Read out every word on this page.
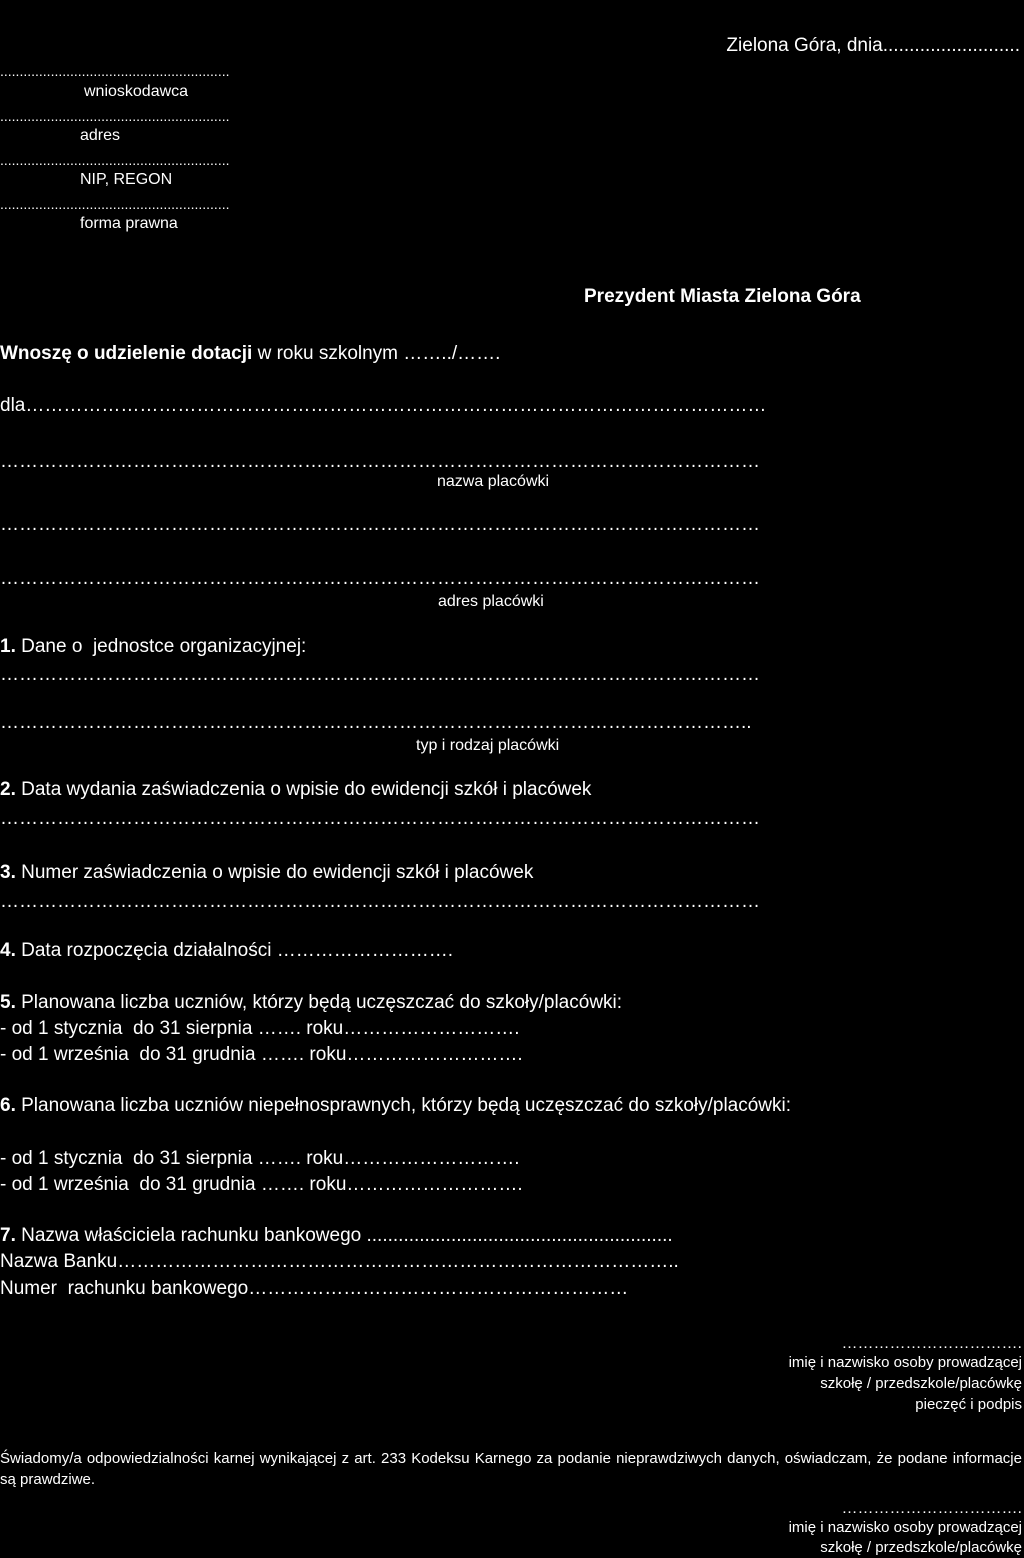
...........................................................
wnioskodawca
...........................................................
adres
...........................................................
NIP, REGON
...........................................................
forma prawna
Zielona Góra, dnia..........................
Prezydent Miasta Zielona Góra
Wnoszę o udzielenie dotacji w roku szkolnym ……../…….
dla………………………………………………………………………………………………………
…………………………………………………………………………………………………………
nazwa placówki
…………………………………………………………………………………………………………
…………………………………………………………………………………………………………
adres placówki
1. Dane o  jednostce organizacyjnej:
…………………………………………………………………………………………………………
………………………………………………………………………………………………………..
typ i rodzaj placówki
2. Data wydania zaświadczenia o wpisie do ewidencji szkół i placówek
…………………………………………………………………………………………………………
3. Numer zaświadczenia o wpisie do ewidencji szkół i placówek
…………………………………………………………………………………………………………
4. Data rozpoczęcia działalności ……………………….
5. Planowana liczba uczniów, którzy będą uczęszczać do szkoły/placówki:
- od 1 stycznia  do 31 sierpnia ……. roku……………………….
- od 1 września  do 31 grudnia ……. roku……………………….
6. Planowana liczba uczniów niepełnosprawnych, którzy będą uczęszczać do szkoły/placówki:
- od 1 stycznia  do 31 sierpnia ……. roku……………………….
- od 1 września  do 31 grudnia ……. roku……………………….
7. Nazwa właściciela rachunku bankowego ..........................................................
Nazwa Banku……………………………………………………………………………..
Numer  rachunku bankowego……………………………………………………
…………………………….
imię i nazwisko osoby prowadzącej
szkołę / przedszkole/placówkę
pieczęć i podpis
Świadomy/a odpowiedzialności karnej wynikającej z art. 233 Kodeksu Karnego za podanie nieprawdziwych danych, oświadczam, że podane informacje są prawdziwe.
…………………………….
imię i nazwisko osoby prowadzącej
szkołę / przedszkole/placówkę
